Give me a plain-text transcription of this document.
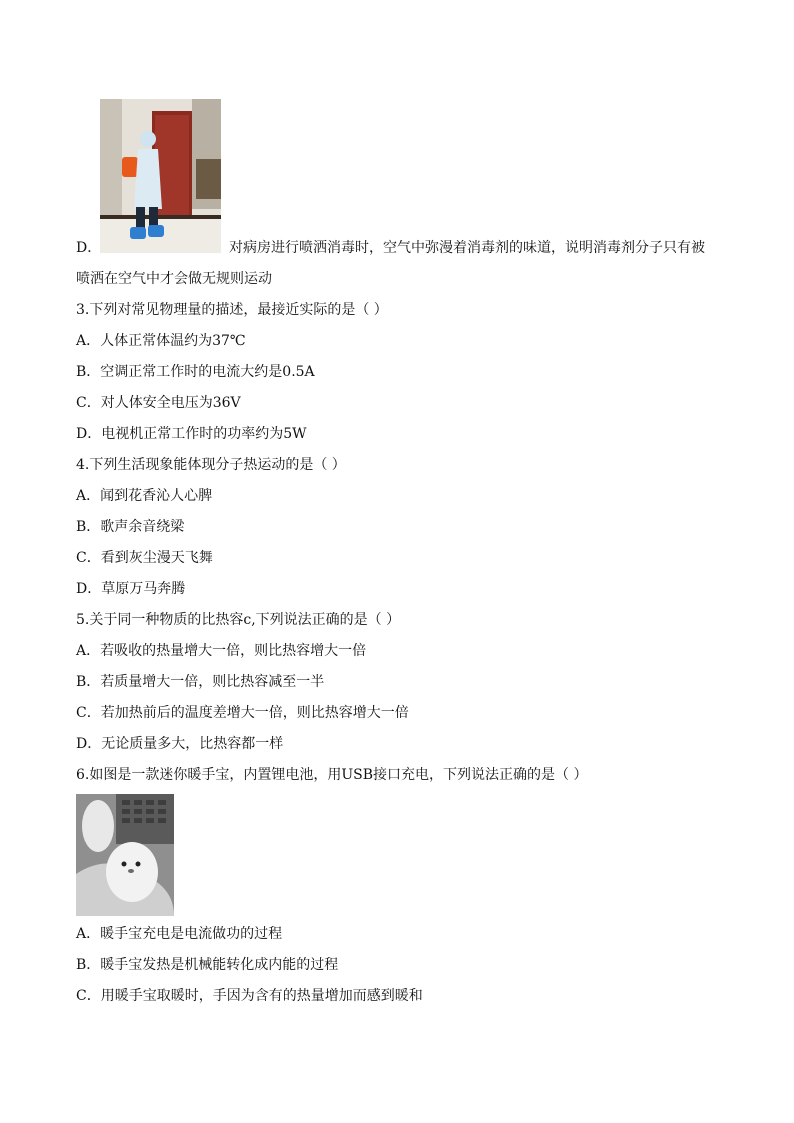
D．	对病房进行喷洒消毒时，空气中弥漫着消毒剂的味道，说明消毒剂分子只有被
喷洒在空气中才会做无规则运动
3.下列对常见物理量的描述，最接近实际的是（ ）
A．人体正常体温约为37℃
B．空调正常工作时的电流大约是0.5A
C．对人体安全电压为36V
D．电视机正常工作时的功率约为5W
4.下列生活现象能体现分子热运动的是（ ）
A．闻到花香沁人心脾
B．歌声余音绕梁
C．看到灰尘漫天飞舞
D．草原万马奔腾
5.关于同一种物质的比热容c,下列说法正确的是（ ）
A．若吸收的热量增大一倍，则比热容增大一倍
B．若质量增大一倍，则比热容减至一半
C．若加热前后的温度差增大一倍，则比热容增大一倍
D．无论质量多大，比热容都一样
6.如图是一款迷你暖手宝，内置锂电池，用USB接口充电，下列说法正确的是（ ）
A．暖手宝充电是电流做功的过程
B．暖手宝发热是机械能转化成内能的过程
C．用暖手宝取暖时，手因为含有的热量增加而感到暖和
